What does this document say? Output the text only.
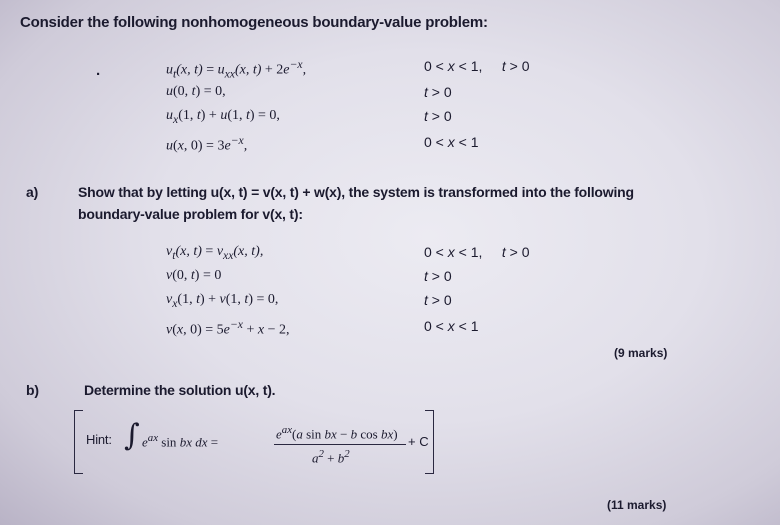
Consider the following nonhomogeneous boundary-value problem:
·	$u_t(x$, $t) = u_{xx}(x$, $t) + 2e^{-x}$,	0 < x < 1,     t > 0
u(0, t) = 0,	t > 0
$u_x(1$, t) + u(1, t) = 0,	t > 0
u(x, $0) = 3e^{-x}$,	0 < x < 1
a)	Show that by letting u(x, t) = v(x, t) + w(x), the system is transformed into the following
boundary-value problem for v(x, t):
$v_t(x$, $t) = v_{xx}(x$, t),	0 < x < 1,     t > 0
v(0, t) = 0	t > 0
$v_x(1$, t) + v(1, t) = 0,	t > 0
v(x, $0) = 5e^{-x} + x - 2$,	0 < x < 1
(9 marks)
b)	Determine the solution u(x, t).
Hint: ∫ $e^{ax}$ sin bx dx =
$e^{ax}(a$ sin bx − b cos bx)
$a^2 + b^2$
+ C
(11 marks)
